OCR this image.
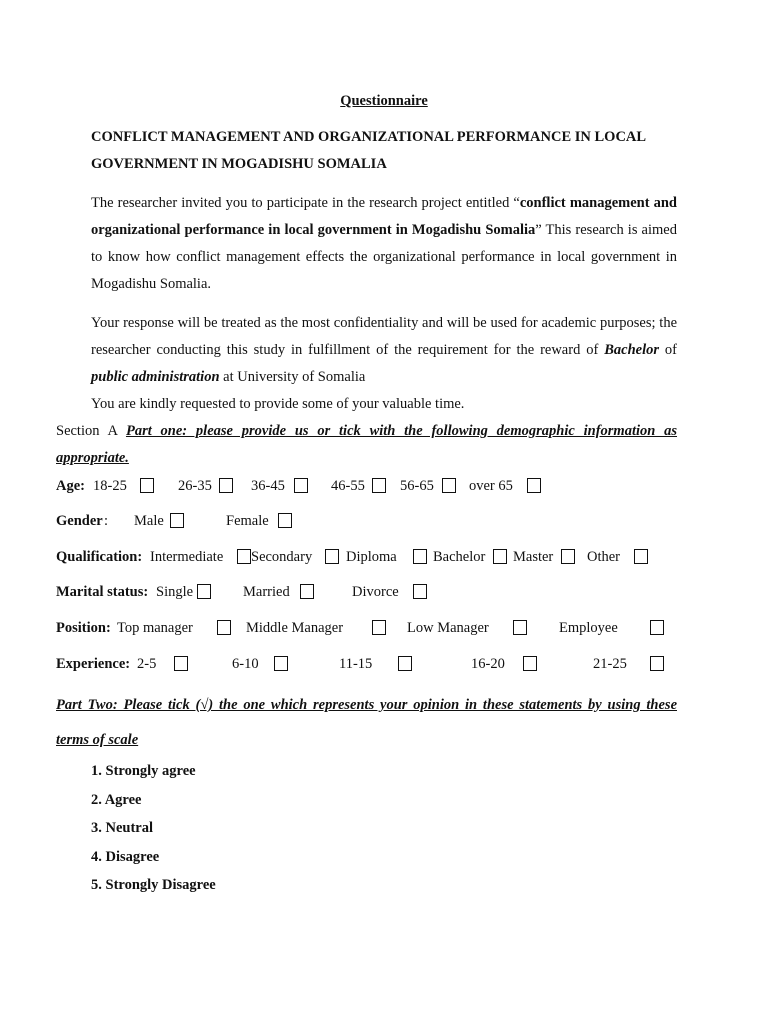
Questionnaire
CONFLICT MANAGEMENT AND ORGANIZATIONAL PERFORMANCE IN LOCAL GOVERNMENT IN MOGADISHU SOMALIA
The researcher invited you to participate in the research project entitled “conflict management and organizational performance in local government in Mogadishu Somalia” This research is aimed to know how conflict management effects the organizational performance in local government in Mogadishu Somalia.
Your response will be treated as the most confidentiality and will be used for academic purposes; the researcher conducting this study in fulfillment of the requirement for the reward of Bachelor of public administration at University of Somalia
You are kindly requested to provide some of your valuable time.
Section A Part one: please provide us or tick with the following demographic information as appropriate.
Age: 18-25	26-35	36-45	46-55 56-65 over 65
Gender : Male	Female
Qualification: Intermediate Secondary Diploma	Bachelor Master Other
Marital status: Single	Married	Divorce
Position: Top manager	Middle Manager	Low Manager	Employee
Experience: 2-5	6-10	11-15	16-20	21-25
Part Two: Please tick (√) the one which represents your opinion in these statements by using these terms of scale
1. Strongly agree
2. Agree
3. Neutral
4. Disagree
5. Strongly Disagree
